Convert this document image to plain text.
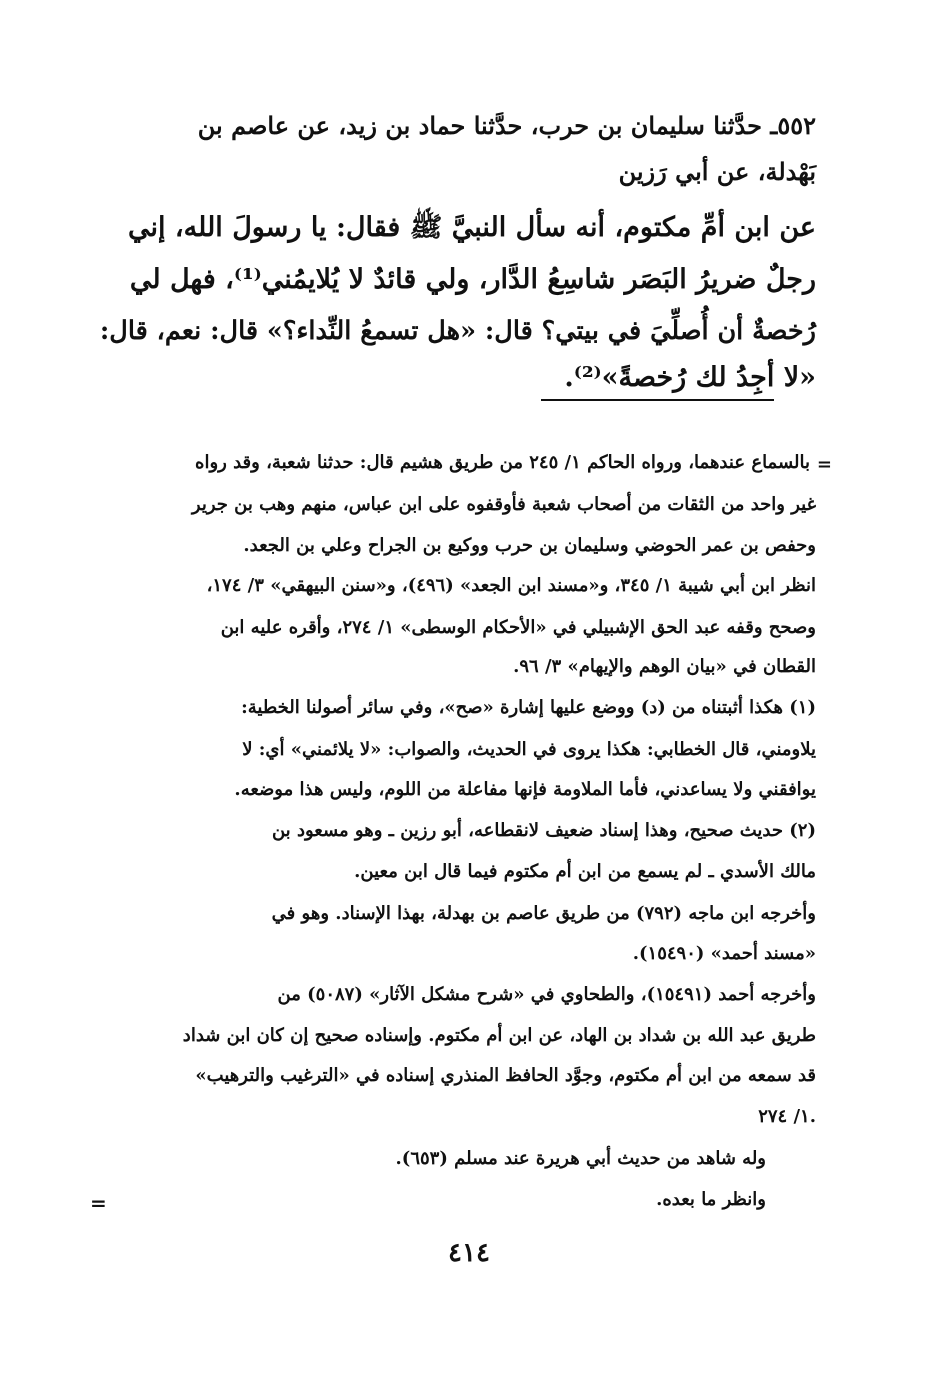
٥٥٢ـ حدَّثنا سليمان بن حرب، حدَّثنا حماد بن زيد، عن عاصم بن
بَهْدلة، عن أبي رَزين
عن ابن أمِّ مكتوم، أنه سأل النبيَّ ﷺ فقال: يا رسولَ الله، إني
رجلٌ ضريرُ البَصَر شاسِعُ الدَّار، ولي قائدٌ لا يُلايمُني⁽¹⁾، فهل لي
رُخصةٌ أن أُصلِّيَ في بيتي؟ قال: «هل تسمعُ النِّداء؟» قال: نعم، قال:
«لا أجِدُ لك رُخصةً»⁽²⁾.
=
بالسماع عندهما، ورواه الحاكم ١/ ٢٤٥ من طريق هشيم قال: حدثنا شعبة، وقد رواه
غير واحد من الثقات من أصحاب شعبة فأوقفوه على ابن عباس، منهم وهب بن جرير
وحفص بن عمر الحوضي وسليمان بن حرب ووكيع بن الجراح وعلي بن الجعد.
انظر ابن أبي شيبة ١/ ٣٤٥، و«مسند ابن الجعد» (٤٩٦)، و«سنن البيهقي» ٣/ ١٧٤،
وصحح وقفه عبد الحق الإشبيلي في «الأحكام الوسطى» ١/ ٢٧٤، وأقره عليه ابن
القطان في «بيان الوهم والإيهام» ٣/ ٩٦.
(١) هكذا أثبتناه من (د) ووضع عليها إشارة «صح»، وفي سائر أصولنا الخطية:
يلاومني، قال الخطابي: هكذا يروى في الحديث، والصواب: «لا يلائمني» أي: لا
يوافقني ولا يساعدني، فأما الملاومة فإنها مفاعلة من اللوم، وليس هذا موضعه.
(٢) حديث صحيح، وهذا إسناد ضعيف لانقطاعه، أبو رزين ـ وهو مسعود بن
مالك الأسدي ـ لم يسمع من ابن أم مكتوم فيما قال ابن معين.
وأخرجه ابن ماجه (٧٩٢) من طريق عاصم بن بهدلة، بهذا الإسناد. وهو في
«مسند أحمد» (١٥٤٩٠).
وأخرجه أحمد (١٥٤٩١)، والطحاوي في «شرح مشكل الآثار» (٥٠٨٧) من
طريق عبد الله بن شداد بن الهاد، عن ابن أم مكتوم. وإسناده صحيح إن كان ابن شداد
قد سمعه من ابن أم مكتوم، وجوَّد الحافظ المنذري إسناده في «الترغيب والترهيب»
١/ ٢٧٤.
وله شاهد من حديث أبي هريرة عند مسلم (٦٥٣).
وانظر ما بعده.
=
٤١٤
